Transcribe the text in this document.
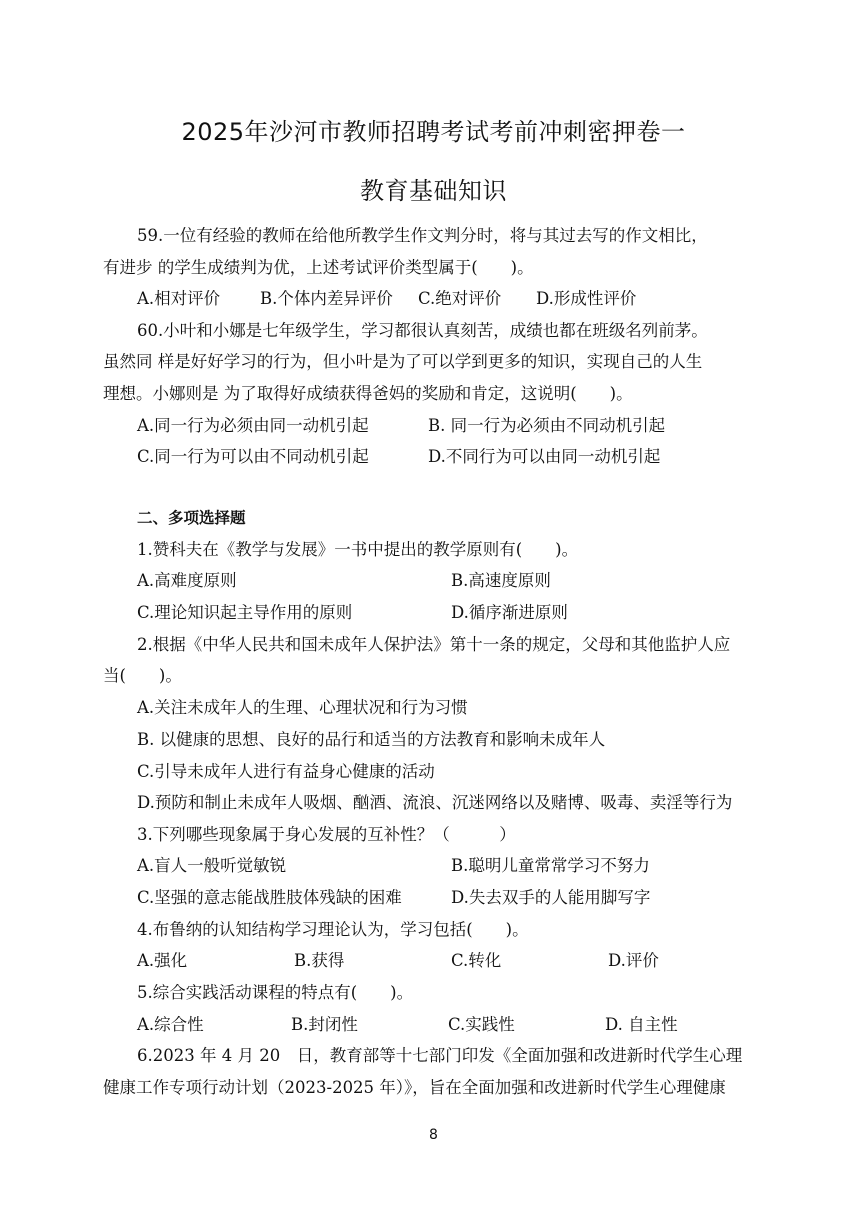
2025年沙河市教师招聘考试考前冲刺密押卷一
教育基础知识
59.一位有经验的教师在给他所教学生作文判分时，将与其过去写的作文相比，
有进步 的学生成绩判为优，上述考试评价类型属于(　　)。
A.相对评价 B.个体内差异评价 C.绝对评价 D.形成性评价
60.小叶和小娜是七年级学生，学习都很认真刻苦，成绩也都在班级名列前茅。
虽然同 样是好好学习的行为，但小叶是为了可以学到更多的知识，实现自己的人生
理想。小娜则是 为了取得好成绩获得爸妈的奖励和肯定，这说明(　　)。
A.同一行为必须由同一动机引起	B. 同一行为必须由不同动机引起
C.同一行为可以由不同动机引起	D.不同行为可以由同一动机引起
二、多项选择题
1.赞科夫在《教学与发展》一书中提出的教学原则有(　　)。
A.高难度原则	B.高速度原则
C.理论知识起主导作用的原则	D.循序渐进原则
2.根据《中华人民共和国未成年人保护法》第十一条的规定，父母和其他监护人应
当(　　)。
A.关注未成年人的生理、心理状况和行为习惯
B. 以健康的思想、良好的品行和适当的方法教育和影响未成年人
C.引导未成年人进行有益身心健康的活动
D.预防和制止未成年人吸烟、酗酒、流浪、沉迷网络以及赌博、吸毒、卖淫等行为
3.下列哪些现象属于身心发展的互补性？（　　　）
A.盲人一般听觉敏锐	B.聪明儿童常常学习不努力
C.坚强的意志能战胜肢体残缺的困难	D.失去双手的人能用脚写字
4.布鲁纳的认知结构学习理论认为，学习包括(　　)。
A.强化	B.获得	C.转化	D.评价
5.综合实践活动课程的特点有(　　)。
A.综合性	B.封闭性	C.实践性	D. 自主性
6.2023 年 4 月 20　日，教育部等十七部门印发《全面加强和改进新时代学生心理
健康工作专项行动计划（2023-2025 年）》，旨在全面加强和改进新时代学生心理健康
8
